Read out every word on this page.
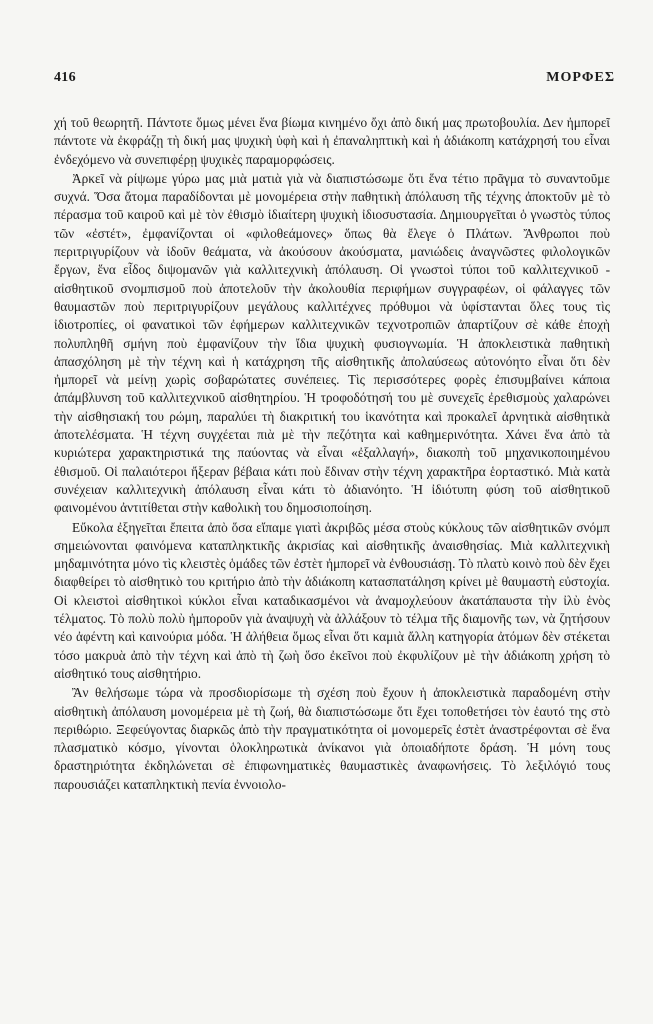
416	ΜΟΡΦΕΣ

χή τοῦ θεωρητῆ. Πάντοτε ὅμως μένει ἕνα βίωμα κινημένο ὄχι ἀπὸ δική μας πρωτοβουλία. Δεν ἠμπορεῖ πάντοτε νὰ ἐκφράζῃ τὴ δική μας ψυχικὴ ὑφὴ καὶ ἡ ἐπαναληπτικὴ καὶ ἡ ἀδιάκοπη κατάχρησή του εἶναι ἐνδεχόμενο νὰ συνεπιφέρῃ ψυχικὲς παραμορφώσεις.

Ἀρκεῖ νὰ ρίψωμε γύρω μας μιὰ ματιὰ γιὰ νὰ διαπιστώσωμε ὅτι ἕνα τέτιο πρᾶγμα τὸ συναντοῦμε συχνά. Ὅσα ἄτομα παραδίδονται μὲ μονομέρεια στὴν παθητικὴ ἀπόλαυση τῆς τέχνης ἀποκτοῦν μὲ τὸ πέρασμα τοῦ καιροῦ καὶ μὲ τὸν ἐθισμὸ ἰδιαίτερη ψυχικὴ ἰδιοσυστασία. Δημιουργεῖται ὁ γνωστὸς τύπος τῶν «ἐστέτ», ἐμφανίζονται οἱ «φιλοθεάμονες» ὅπως θὰ ἔλεγε ὁ Πλάτων. Ἄνθρωποι ποὺ περιτριγυρίζουν νὰ ἰδοῦν θεάματα, νὰ ἀκούσουν ἀκούσματα, μανιώδεις ἀναγνῶστες φιλολογικῶν ἔργων, ἕνα εἶδος διψομανῶν γιὰ καλλιτεχνικὴ ἀπόλαυση. Οἱ γνωστοὶ τύποι τοῦ καλλιτεχνικοῦ - αἰσθητικοῦ σνομπισμοῦ ποὺ ἀποτελοῦν τὴν ἀκολουθία περιφήμων συγγραφέων, οἱ φάλαγγες τῶν θαυμαστῶν ποὺ περιτριγυρίζουν μεγάλους καλλιτέχνες πρόθυμοι νὰ ὑφίστανται ὅλες τους τὶς ἰδιοτροπίες, οἱ φανατικοὶ τῶν ἐφήμερων καλλιτεχνικῶν τεχνοτροπιῶν ἀπαρτίζουν σὲ κάθε ἐποχὴ πολυπληθῆ σμήνη ποὺ ἐμφανίζουν τὴν ἴδια ψυχικὴ φυσιογνωμία. Ἡ ἀποκλειστικὰ παθητικὴ ἀπασχόληση μὲ τὴν τέχνη καὶ ἡ κατάχρηση τῆς αἰσθητικῆς ἀπολαύσεως αὐτονόητο εἶναι ὅτι δὲν ἠμπορεῖ νὰ μείνῃ χωρὶς σοβαρώτατες συνέπειες. Τὶς περισσότερες φορὲς ἐπισυμβαίνει κάποια ἀπάμβλυνση τοῦ καλλιτεχνικοῦ αἰσθητηρίου. Ἡ τροφοδότησή του μὲ συνεχεῖς ἐρεθισμοὺς χαλαρώνει τὴν αἰσθησιακή του ρώμη, παραλύει τὴ διακριτική του ἱκανότητα καὶ προκαλεῖ ἀρνητικὰ αἰσθητικὰ ἀποτελέσματα. Ἡ τέχνη συγχέεται πιὰ μὲ τὴν πεζότητα καὶ καθημερινότητα. Χάνει ἕνα ἀπὸ τὰ κυριώτερα χαρακτηριστικά της παύοντας νὰ εἶναι «ἐξαλλαγή», διακοπὴ τοῦ μηχανικοποιημένου ἐθισμοῦ. Οἱ παλαιότεροι ἤξεραν βέβαια κάτι ποὺ ἔδιναν στὴν τέχνη χαρακτῆρα ἑορταστικό. Μιὰ κατὰ συνέχειαν καλλιτεχνικὴ ἀπόλαυση εἶναι κάτι τὸ ἀδιανόητο. Ἡ ἰδιότυπη φύση τοῦ αἰσθητικοῦ φαινομένου ἀντιτίθεται στὴν καθολικὴ του δημοσιοποίηση.

Εὔκολα ἐξηγεῖται ἔπειτα ἀπὸ ὅσα εἴπαμε γιατὶ ἀκριβῶς μέσα στοὺς κύκλους τῶν αἰσθητικῶν σνόμπ σημειώνονται φαινόμενα καταπληκτικῆς ἀκρισίας καὶ αἰσθητικῆς ἀναισθησίας. Μιὰ καλλιτεχνικὴ μηδαμινότητα μόνο τὶς κλειστὲς ὁμάδες τῶν ἐστὲτ ἠμπορεῖ νὰ ἐνθουσιάσῃ. Τὸ πλατὺ κοινὸ ποὺ δὲν ἔχει διαφθείρει τὸ αἰσθητικὸ του κριτήριο ἀπὸ τὴν ἀδιάκοπη κατασπατάληση κρίνει μὲ θαυμαστὴ εὐστοχία. Οἱ κλειστοὶ αἰσθητικοὶ κύκλοι εἶναι καταδικασμένοι νὰ ἀναμοχλεύουν ἀκατάπαυστα τὴν ἰλὺ ἑνὸς τέλματος. Τὸ πολὺ πολὺ ἠμποροῦν γιὰ ἀναψυχὴ νὰ ἀλλάξουν τὸ τέλμα τῆς διαμονῆς των, νὰ ζητήσουν νέο ἀφέντη καὶ καινούρια μόδα. Ἡ ἀλήθεια ὅμως εἶναι ὅτι καμιὰ ἄλλη κατηγορία ἀτόμων δὲν στέκεται τόσο μακρυὰ ἀπὸ τὴν τέχνη καὶ ἀπὸ τὴ ζωὴ ὅσο ἐκεῖνοι ποὺ ἐκφυλίζουν μὲ τὴν ἀδιάκοπη χρήση τὸ αἰσθητικό τους αἰσθητήριο.

Ἂν θελήσωμε τώρα νὰ προσδιορίσωμε τὴ σχέση ποὺ ἔχουν ἡ ἀποκλειστικὰ παραδομένη στὴν αἰσθητικὴ ἀπόλαυση μονομέρεια μὲ τὴ ζωή, θὰ διαπιστώσωμε ὅτι ἔχει τοποθετήσει τὸν ἑαυτό της στὸ περιθώριο. Ξεφεύγοντας διαρκῶς ἀπὸ τὴν πραγματικότητα οἱ μονομερεῖς ἐστὲτ ἀναστρέφονται σὲ ἕνα πλασματικὸ κόσμο, γίνονται ὁλοκληρωτικὰ ἀνίκανοι γιὰ ὁποιαδήποτε δράση. Ἡ μόνη τους δραστηριότητα ἐκδηλώνεται σὲ ἐπιφωνηματικὲς θαυμαστικὲς ἀναφωνήσεις. Τὸ λεξιλόγιό τους παρουσιάζει καταπληκτικὴ πενία ἐννοιολο-
